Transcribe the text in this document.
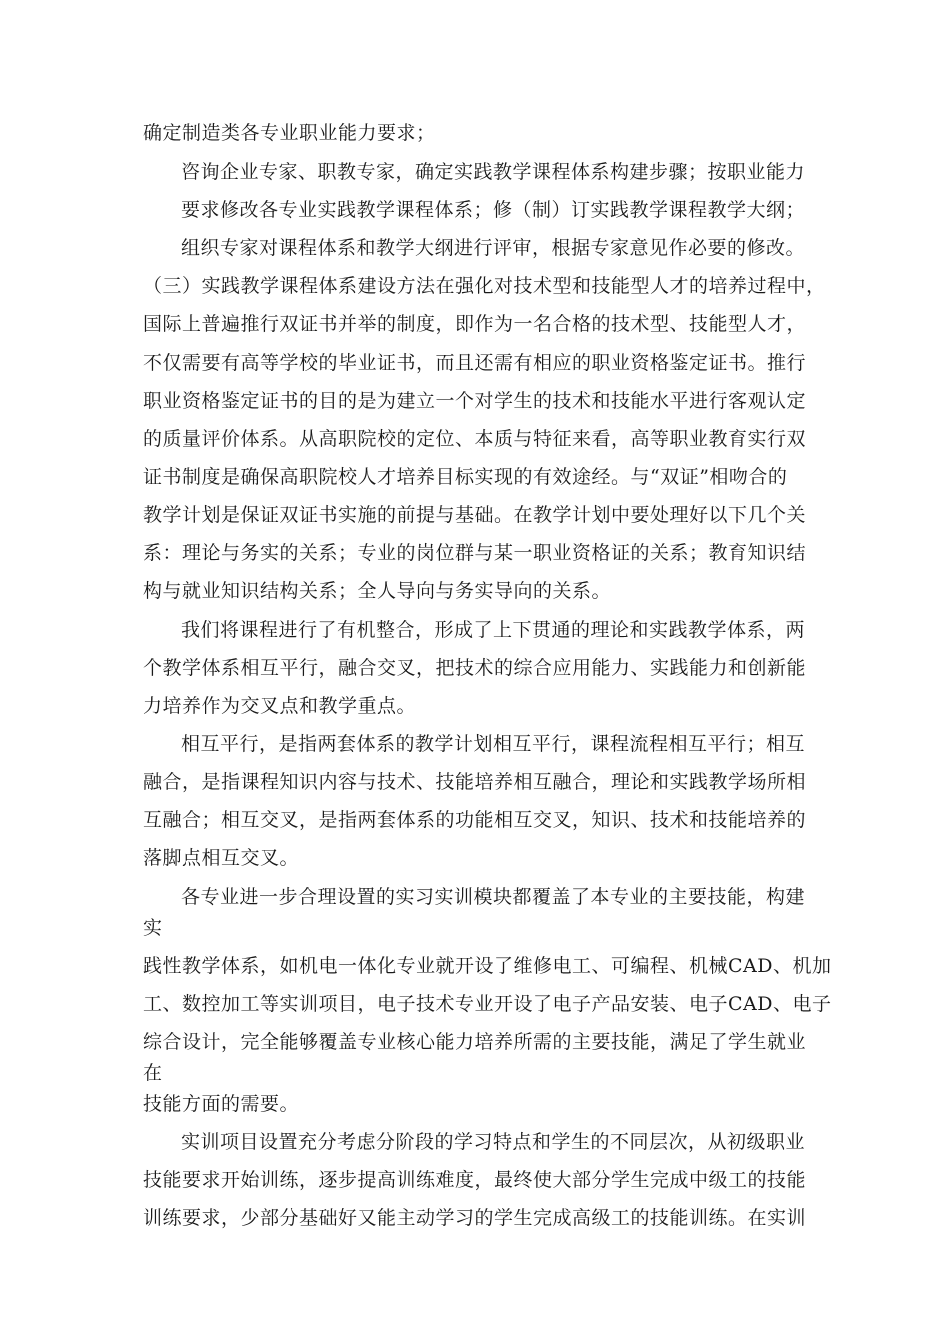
确定制造类各专业职业能力要求；
咨询企业专家、职教专家，确定实践教学课程体系构建步骤；按职业能力
要求修改各专业实践教学课程体系；修（制）订实践教学课程教学大纲；
组织专家对课程体系和教学大纲进行评审，根据专家意见作必要的修改。
（三）实践教学课程体系建设方法在强化对技术型和技能型人才的培养过程中，
国际上普遍推行双证书并举的制度，即作为一名合格的技术型、技能型人才，
不仅需要有高等学校的毕业证书，而且还需有相应的职业资格鉴定证书。推行
职业资格鉴定证书的目的是为建立一个对学生的技术和技能水平进行客观认定
的质量评价体系。从高职院校的定位、本质与特征来看，高等职业教育实行双
证书制度是确保高职院校人才培养目标实现的有效途经。与“双证”相吻合的
教学计划是保证双证书实施的前提与基础。在教学计划中要处理好以下几个关
系：理论与务实的关系；专业的岗位群与某一职业资格证的关系；教育知识结
构与就业知识结构关系；全人导向与务实导向的关系。
我们将课程进行了有机整合，形成了上下贯通的理论和实践教学体系，两
个教学体系相互平行，融合交叉，把技术的综合应用能力、实践能力和创新能
力培养作为交叉点和教学重点。
相互平行，是指两套体系的教学计划相互平行，课程流程相互平行；相互
融合，是指课程知识内容与技术、技能培养相互融合，理论和实践教学场所相
互融合；相互交叉，是指两套体系的功能相互交叉，知识、技术和技能培养的
落脚点相互交叉。
各专业进一步合理设置的实习实训模块都覆盖了本专业的主要技能，构建
实
践性教学体系，如机电一体化专业就开设了维修电工、可编程、机械CAD、机加
工、数控加工等实训项目，电子技术专业开设了电子产品安装、电子CAD、电子
综合设计，完全能够覆盖专业核心能力培养所需的主要技能，满足了学生就业
在
技能方面的需要。
实训项目设置充分考虑分阶段的学习特点和学生的不同层次，从初级职业
技能要求开始训练，逐步提高训练难度，最终使大部分学生完成中级工的技能
训练要求，少部分基础好又能主动学习的学生完成高级工的技能训练。在实训
